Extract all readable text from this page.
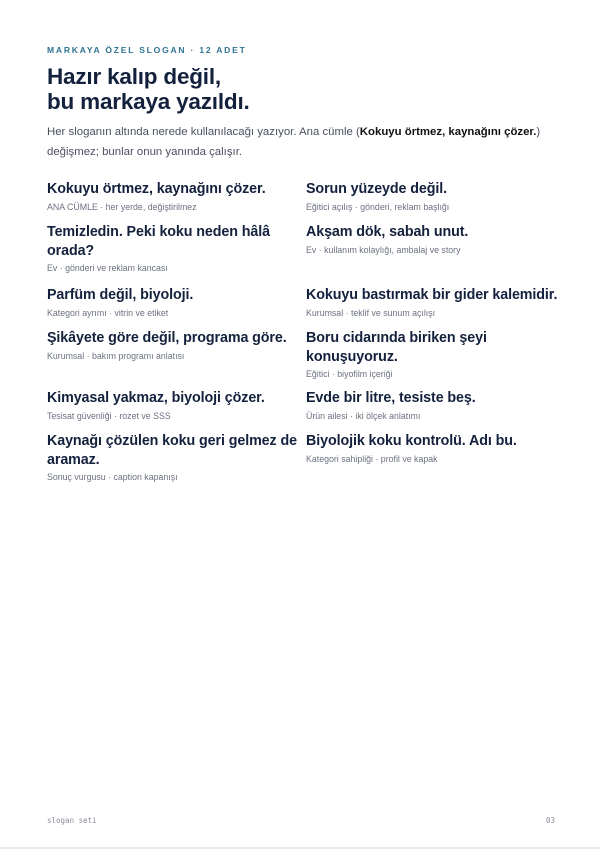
MARKAYA ÖZEL SLOGAN · 12 ADET
Hazır kalıp değil,
bu markaya yazıldı.
Her sloganın altında nerede kullanılacağı yazıyor. Ana cümle (Kokuyu örtmez, kaynağını çözer.) değişmez; bunlar onun yanında çalışır.
Kokuyu örtmez, kaynağını çözer.
ANA CÜMLE · her yerde, değiştirilmez
Sorun yüzeyde değil.
Eğitici açılış · gönderi, reklam başlığı
Temizledin. Peki koku neden hâlâ orada?
Ev · gönderi ve reklam kancası
Akşam dök, sabah unut.
Ev · kullanım kolaylığı, ambalaj ve story
Parfüm değil, biyoloji.
Kategori ayrımı · vitrin ve etiket
Kokuyu bastırmak bir gider kalemidir.
Kurumsal · teklif ve sunum açılışı
Şikâyete göre değil, programa göre.
Kurumsal · bakım programı anlatısı
Boru cidarında biriken şeyi konuşuyoruz.
Eğitici · biyofilm içeriği
Kimyasal yakmaz, biyoloji çözer.
Tesisat güvenliği · rozet ve SSS
Evde bir litre, tesiste beş.
Ürün ailesi · iki ölçek anlatımı
Kaynağı çözülen koku geri gelmez de aramaz.
Sonuç vurgusu · caption kapanışı
Biyolojik koku kontrolü. Adı bu.
Kategori sahipliği · profil ve kapak
slogan seti	03
